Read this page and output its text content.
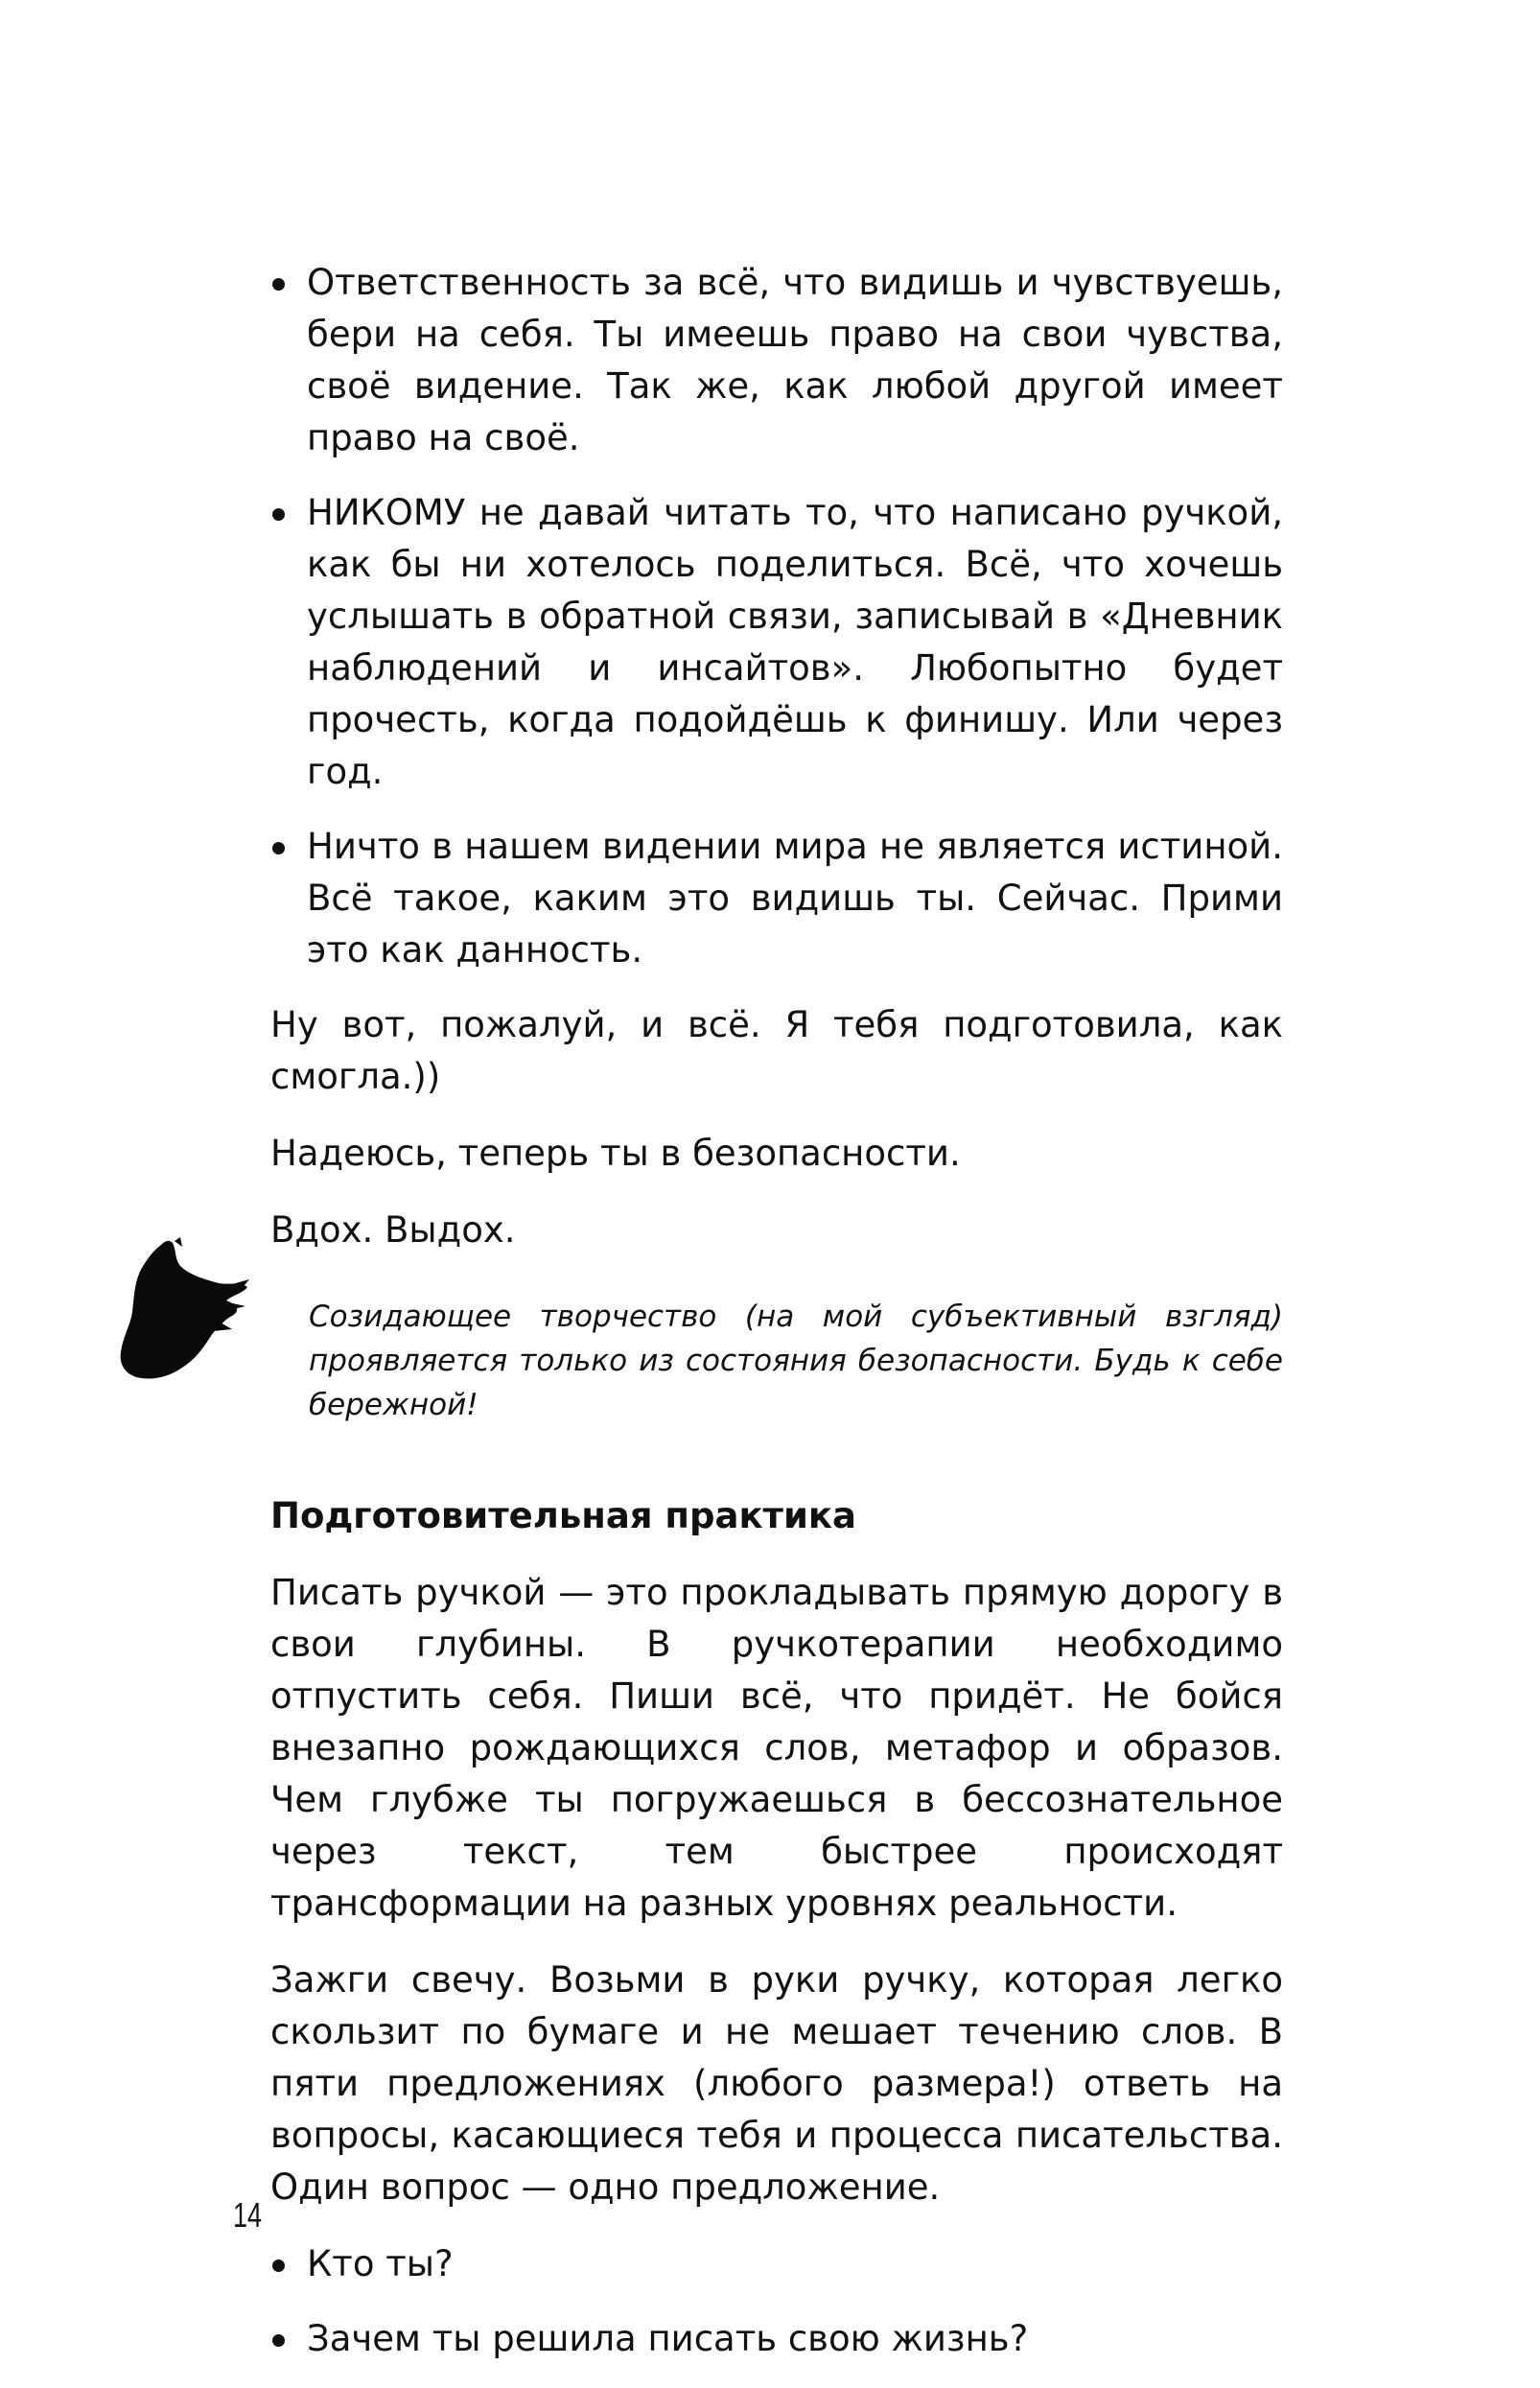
Ответственность за всё, что видишь и чувствуешь, бери на себя. Ты имеешь право на свои чувства, своё видение. Так же, как любой другой имеет право на своё.
НИКОМУ не давай читать то, что написано ручкой, как бы ни хотелось поделиться. Всё, что хочешь услышать в обратной связи, записывай в «Дневник наблюдений и инсайтов». Любопытно будет прочесть, когда подойдёшь к финишу. Или через год.
Ничто в нашем видении мира не является истиной. Всё такое, каким это видишь ты. Сейчас. Прими это как данность.

Ну вот, пожалуй, и всё. Я тебя подготовила, как смогла.))

Надеюсь, теперь ты в безопасности.

Вдох. Выдох.

Созидающее творчество (на мой субъективный взгляд) проявляется только из состояния безопасности. Будь к себе бережной!

Подготовительная практика

Писать ручкой — это прокладывать прямую дорогу в свои глубины. В ручкотерапии необходимо отпустить себя. Пиши всё, что придёт. Не бойся внезапно рождающихся слов, метафор и образов. Чем глубже ты погружаешься в бессознательное через текст, тем быстрее происходят трансформации на разных уровнях реальности.

Зажги свечу. Возьми в руки ручку, которая легко скользит по бумаге и не мешает течению слов. В пяти предложениях (любого размера!) ответь на вопросы, касающиеся тебя и процесса писательства. Один вопрос — одно предложение.

Кто ты?
Зачем ты решила писать свою жизнь?
14
